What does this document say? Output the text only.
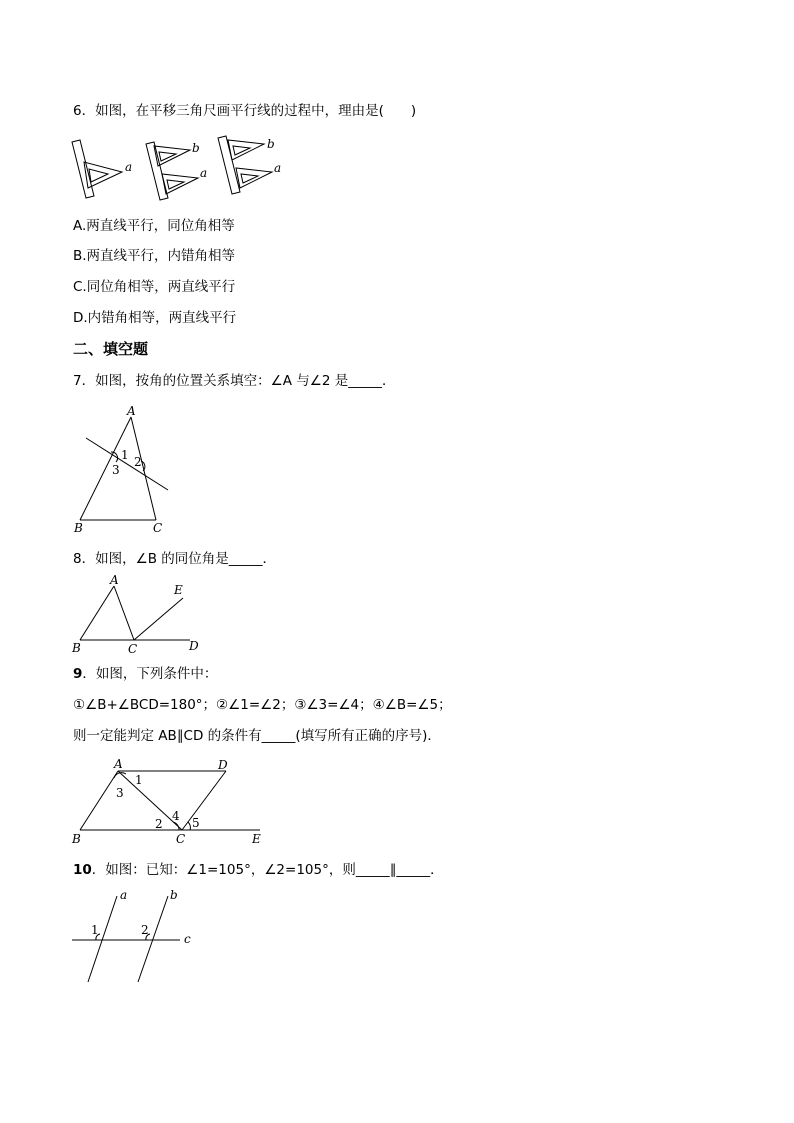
6．如图，在平移三角尺画平行线的过程中，理由是(　　)
a
b
a
b
a
A.两直线平行，同位角相等
B.两直线平行，内错角相等
C.同位角相等，两直线平行
D.内错角相等，两直线平行
二、填空题
7．如图，按角的位置关系填空：∠A 与∠2 是_____．
A
B	C
1 2
3
8．如图，∠B 的同位角是_____．
A
B	C	D
E
9．如图，下列条件中：
①∠B+∠BCD=180°；②∠1=∠2；③∠3=∠4；④∠B=∠5；
则一定能判定 AB∥CD 的条件有_____(填写所有正确的序号)．
A	D
B	C	E
1
2
3
4 5
10．如图：已知：∠1=105°，∠2=105°，则_____∥_____．
a	b
c
1	2
